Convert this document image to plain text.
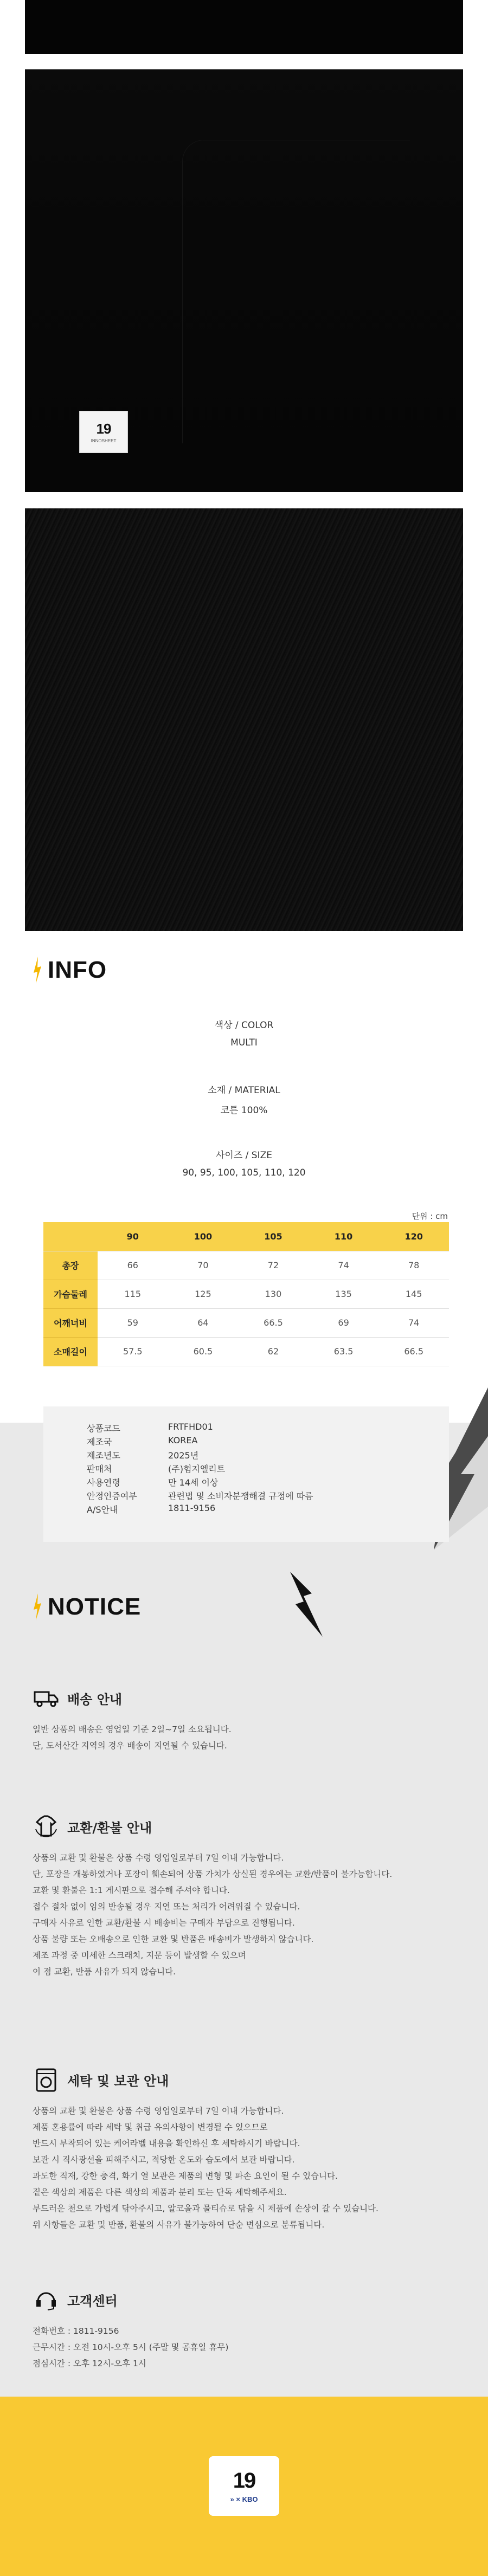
19
INNOSHEET
INFO
색상 / COLOR
MULTI
소재 / MATERIAL
코튼 100%
사이즈 / SIZE
90, 95, 100, 105, 110, 120
단위 : cm
	90	100	105	110	120
총장	66	70	72	74	78
가슴둘레	115	125	130	135	145
어깨너비	59	64	66.5	69	74
소매길이	57.5	60.5	62	63.5	66.5
상품코드	FRTFHD01
제조국	KOREA
제조년도	2025년
판매처	(주)험지엘리트
사용연령	만 14세 이상
안정인증여부	관련법 및 소비자분쟁해결 규정에 따름
A/S안내	1811-9156
NOTICE
배송 안내
일반 상품의 배송은 영업일 기준 2일~7일 소요됩니다.
단, 도서산간 지역의 경우 배송이 지연될 수 있습니다.
교환/환불 안내
상품의 교환 및 환불은 상품 수령 영업일로부터 7일 이내 가능합니다.
단, 포장을 개봉하였거나 포장이 훼손되어 상품 가치가 상실된 경우에는 교환/반품이 불가능합니다.
교환 및 환불은 1:1 게시판으로 접수해 주셔야 합니다.
접수 절차 없이 임의 반송될 경우 지연 또는 처리가 어려워질 수 있습니다.
구매자 사유로 인한 교환/환불 시 배송비는 구매자 부담으로 진행됩니다.
상품 불량 또는 오배송으로 인한 교환 및 반품은 배송비가 발생하지 않습니다.
제조 과정 중 미세한 스크래치, 지문 등이 발생할 수 있으며
이 점 교환, 반품 사유가 되지 않습니다.
세탁 및 보관 안내
상품의 교환 및 환불은 상품 수령 영업일로부터 7일 이내 가능합니다.
제품 혼용률에 따라 세탁 및 취급 유의사항이 변경될 수 있으므로
반드시 부착되어 있는 케어라벨 내용을 확인하신 후 세탁하시기 바랍니다.
보관 시 직사광선을 피해주시고, 적당한 온도와 습도에서 보관 바랍니다.
과도한 직재, 강한 충격, 화기 열 보관은 제품의 변형 및 파손 요인이 될 수 있습니다.
짙은 색상의 제품은 다른 색상의 제품과 분리 또는 단독 세탁해주세요.
부드러운 천으로 가볍게 닦아주시고, 알코올과 물티슈로 닦을 시 제품에 손상이 갈 수 있습니다.
위 사항들은 교환 및 반품, 환불의 사유가 불가능하여 단순 변심으로 분류됩니다.
고객센터
전화번호 : 1811-9156
근무시간 : 오전 10시-오후 5시 (주말 및 공휴일 휴무)
점심시간 : 오후 12시-오후 1시
19
» × KBO
